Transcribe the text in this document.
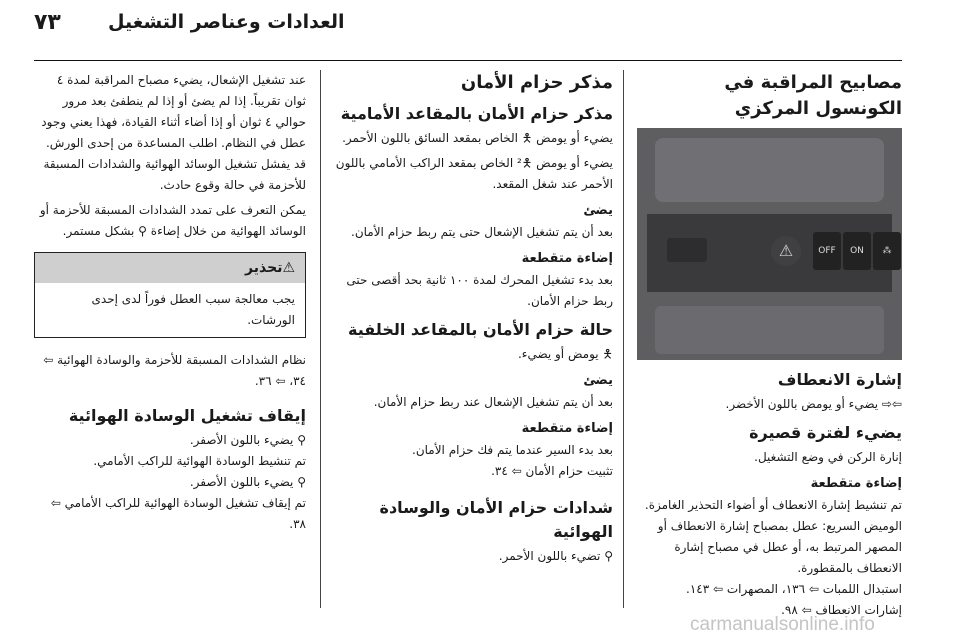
٧٣ العدادات وعناصر التشغيل
مصابيح المراقبة في الكونسول المركزي
⚠	OFF	ON	⁂
إشارة الانعطاف

⇦⇨ يضيء أو يومض باللون الأخضر.

يضيء لفترة قصيرة

إنارة الركن في وضع التشغيل.

إضاءة متقطعة

تم تنشيط إشارة الانعطاف أو أضواء التحذير الغامزة.

الوميض السريع: عطل بمصباح إشارة الانعطاف أو المصهر المرتبط به، أو عطل في مصباح إشارة الانعطاف بالمقطورة.

استبدال اللمبات ⇦ ١٣٦، المصهرات ⇦ ١٤٣.

إشارات الانعطاف ⇦ ٩٨.

مذكر حزام الأمان
مذكر حزام الأمان بالمقاعد الأمامية

يضيء أو يومض 🯅 الخاص بمقعد السائق باللون الأحمر.

يضيء أو يومض 🯅² الخاص بمقعد الراكب الأمامي باللون الأحمر عند شغل المقعد.

يضئ

بعد أن يتم تشغيل الإشعال حتى يتم ربط حزام الأمان.

إضاءة متقطعة

بعد بدء تشغيل المحرك لمدة ١٠٠ ثانية بحد أقصى حتى ربط حزام الأمان.

حالة حزام الأمان بالمقاعد الخلفية

🯅 يومض أو يضيء.

يضئ

بعد أن يتم تشغيل الإشعال عند ربط حزام الأمان.

إضاءة متقطعة

بعد بدء السير عندما يتم فك حزام الأمان.

تثبيت حزام الأمان ⇦ ٣٤.

شدادات حزام الأمان والوسادة الهوائية

⚲ تضيء باللون الأحمر.

عند تشغيل الإشعال، يضيء مصباح المراقبة لمدة ٤ ثوان تقريباً. إذا لم يضئ أو إذا لم ينطفئ بعد مرور حوالي ٤ ثوان أو إذا أضاء أثناء القيادة، فهذا يعني وجود عطل في النظام. اطلب المساعدة من إحدى الورش. قد يفشل تشغيل الوسائد الهوائية والشدادات المسبقة للأحزمة في حالة وقوع حادث.

يمكن التعرف على تمدد الشدادات المسبقة للأحزمة أو الوسائد الهوائية من خلال إضاءة ⚲ بشكل مستمر.

⚠تحذير
يجب معالجة سبب العطل فوراً لدى إحدى الورشات.

نظام الشدادات المسبقة للأحزمة والوسادة الهوائية ⇦ ٣٤، ⇦ ٣٦.

إيقاف تشغيل الوسادة الهوائية

⚲ يضيء باللون الأصفر.

تم تنشيط الوسادة الهوائية للراكب الأمامي.

⚲ يضيء باللون الأصفر.

تم إيقاف تشغيل الوسادة الهوائية للراكب الأمامي ⇦ ٣٨.

carmanualsonline.info
